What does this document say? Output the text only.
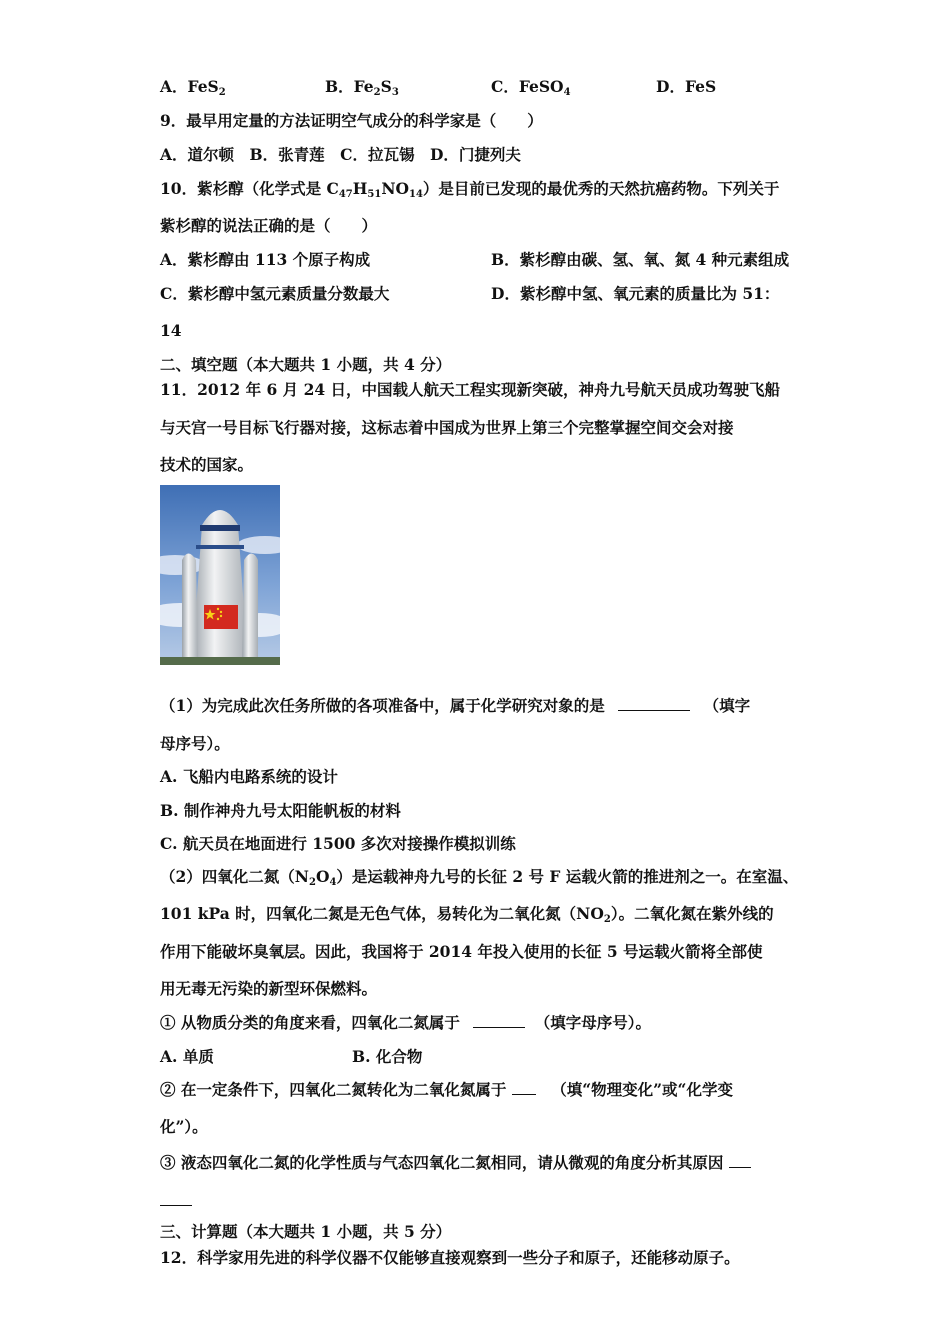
A．FeS$_2$	B．$Fe_2S_3$	C．FeSO$_4$	D．FeS
9．最早用定量的方法证明空气成分的科学家是（　　）
A．道尔顿　B．张青莲　C．拉瓦锡　D．门捷列夫
10．紫杉醇（化学式是 $C_{47}H_{51}NO_{14}$）是目前已发现的最优秀的天然抗癌药物。下列关于
紫杉醇的说法正确的是（　　）
A．紫杉醇由 113 个原子构成	B．紫杉醇由碳、氢、氧、氮 4 种元素组成
C．紫杉醇中氢元素质量分数最大	D．紫杉醇中氢、氧元素的质量比为 51：
14
二、填空题（本大题共 1 小题，共 4 分）
11．2012 年 6 月 24 日，中国载人航天工程实现新突破，神舟九号航天员成功驾驶飞船
与天宫一号目标飞行器对接，这标志着中国成为世界上第三个完整掌握空间交会对接
技术的国家。
（1）为完成此次任务所做的各项准备中，属于化学研究对象的是	（填字
母序号）。
A. 飞船内电路系统的设计
B. 制作神舟九号太阳能帆板的材料
C. 航天员在地面进行 1500 多次对接操作模拟训练
（2）四氧化二氮$(N_2O_4)$是运载神舟九号的长征 2 号 F 运载火箭的推进剂之一。在室温、
101 kPa 时，四氧化二氮是无色气体，易转化为二氧化氮$(NO_2)$。二氧化氮在紫外线的
作用下能破坏臭氧层。因此，我国将于 2014 年投入使用的长征 5 号运载火箭将全部使
用无毒无污染的新型环保燃料。
① 从物质分类的角度来看，四氧化二氮属于	（填字母序号）。
A. 单质	B. 化合物
② 在一定条件下，四氧化二氮转化为二氧化氮属于	（填“物理变化”或“化学变
化”）。
③ 液态四氧化二氮的化学性质与气态四氧化二氮相同，请从微观的角度分析其原因
三、计算题（本大题共 1 小题，共 5 分）
12．科学家用先进的科学仪器不仅能够直接观察到一些分子和原子，还能移动原子。
